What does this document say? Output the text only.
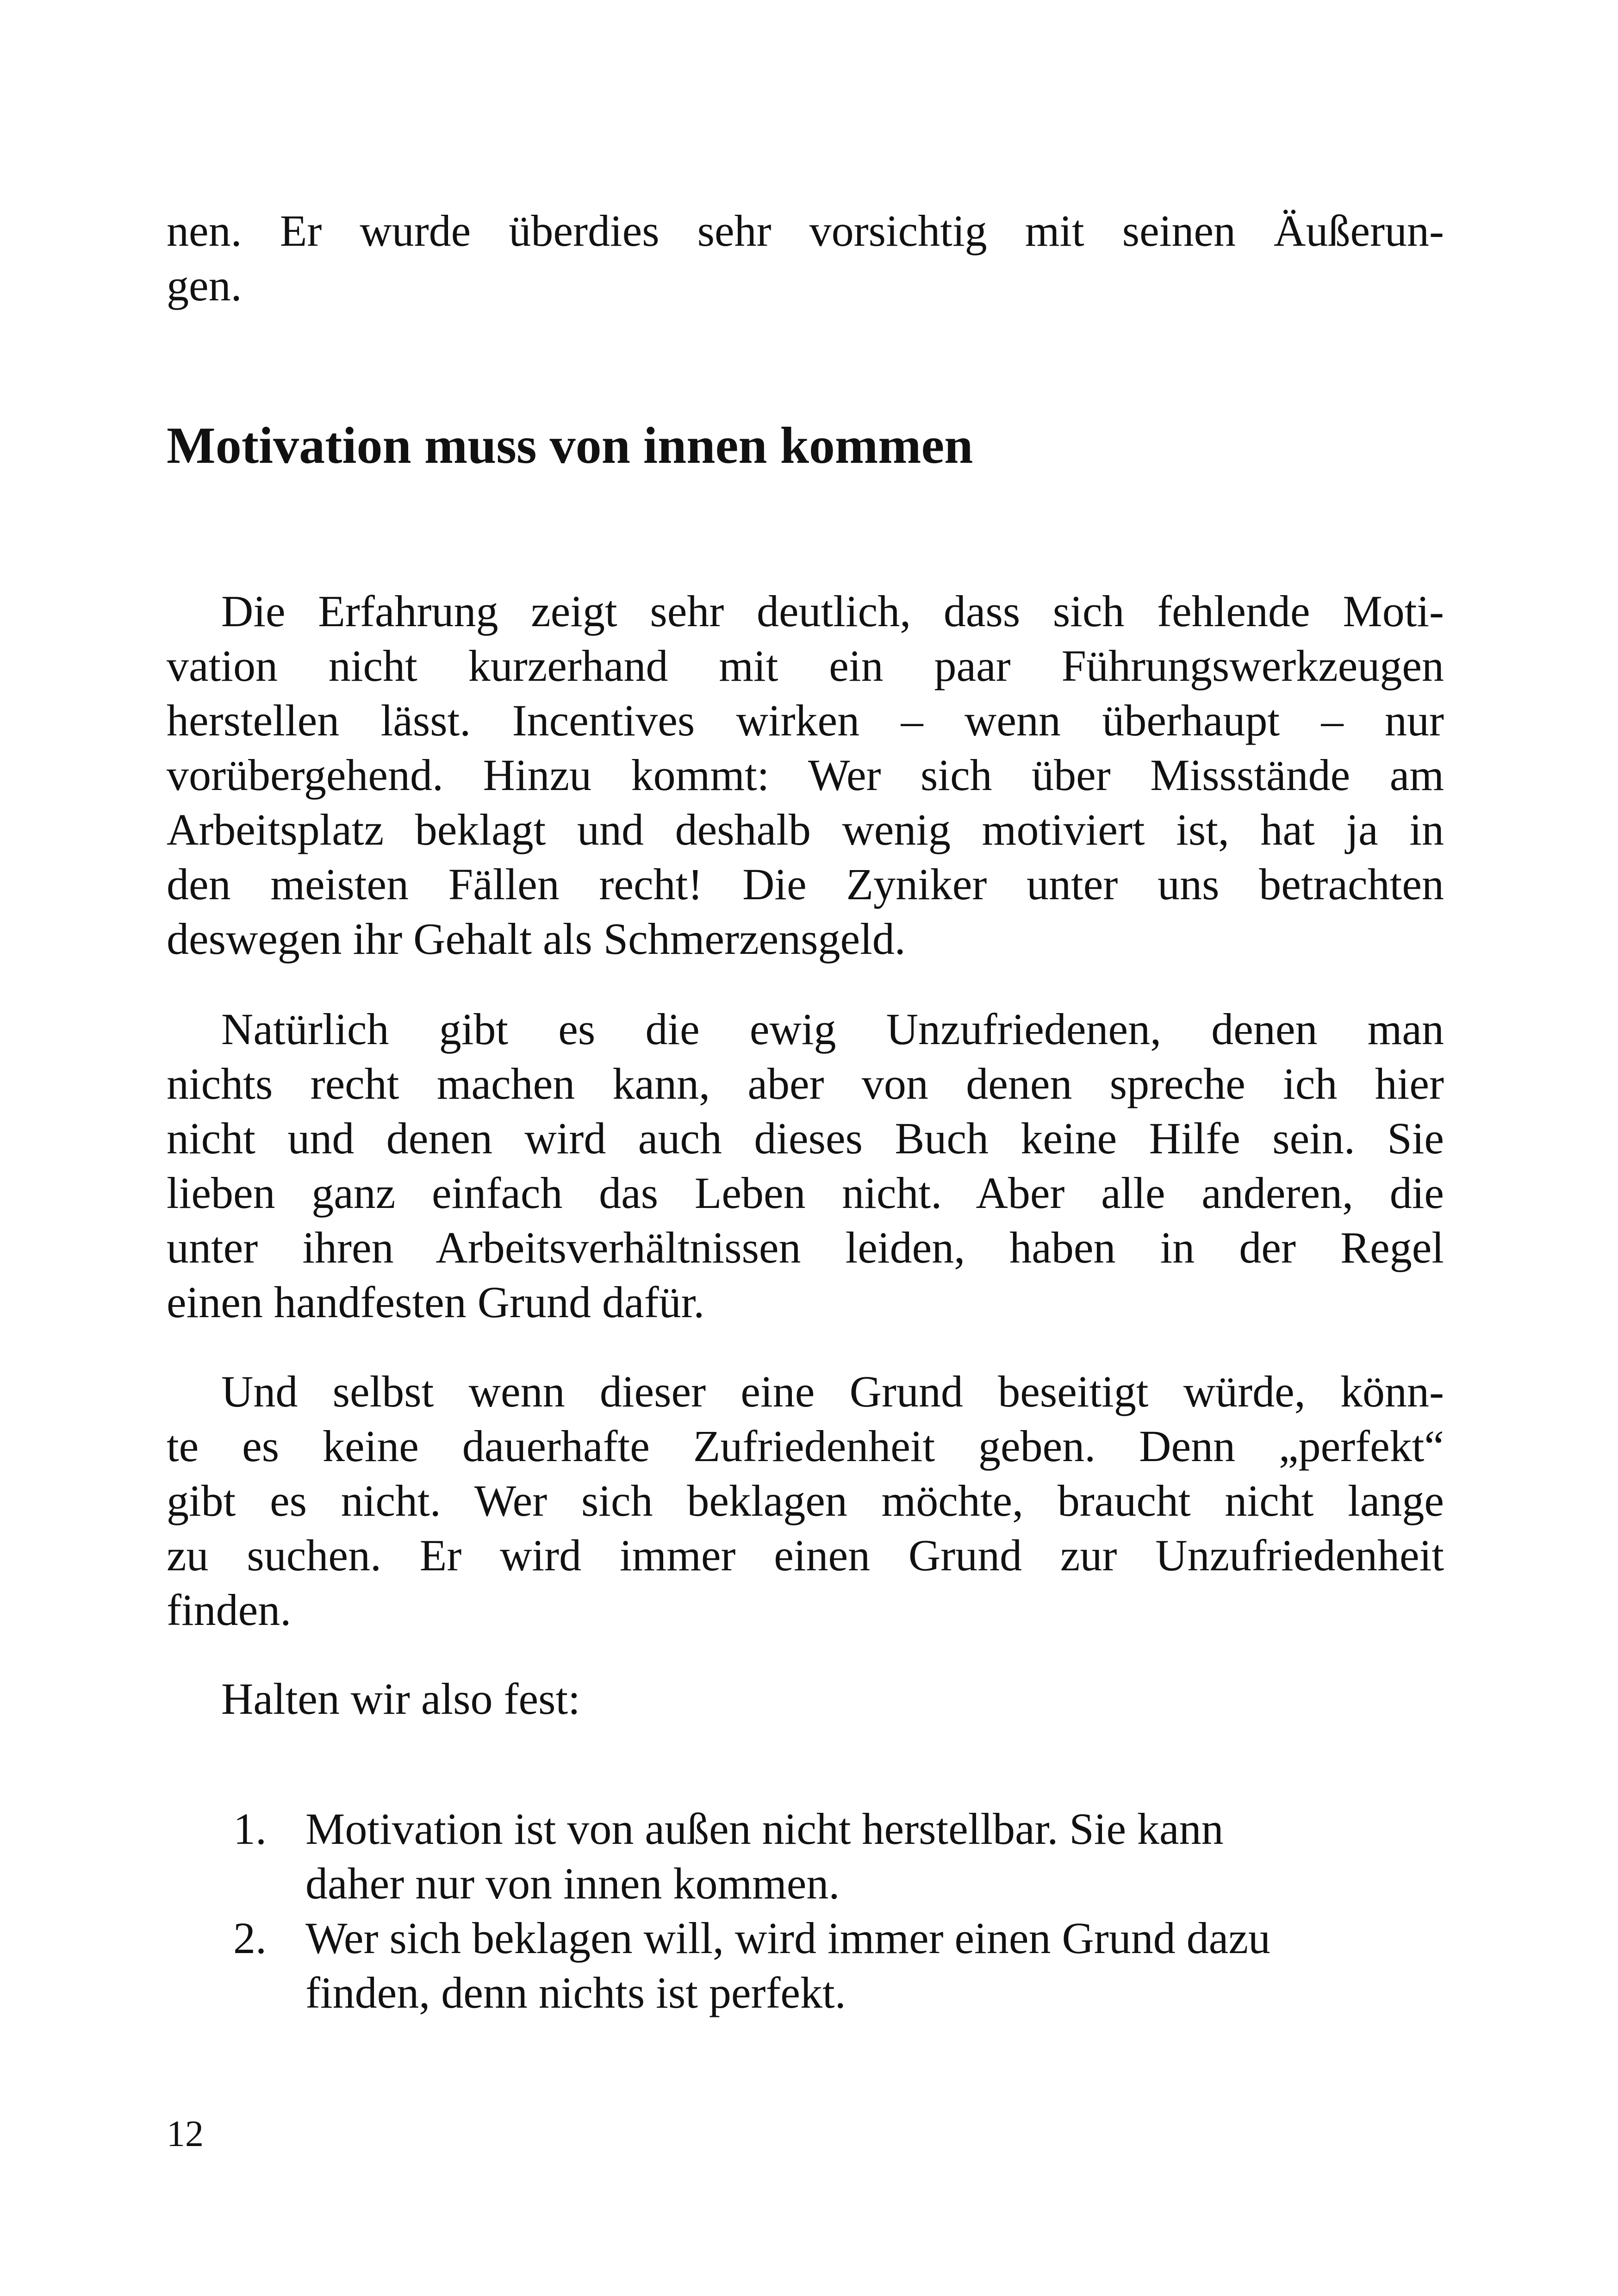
nen. Er wurde überdies sehr vorsichtig mit seinen Äußerun-
gen.
Motivation muss von innen kommen
Die Erfahrung zeigt sehr deutlich, dass sich fehlende Moti-
vation nicht kurzerhand mit ein paar Führungswerkzeugen
herstellen lässt. Incentives wirken – wenn überhaupt – nur
vorübergehend. Hinzu kommt: Wer sich über Missstände am
Arbeitsplatz beklagt und deshalb wenig motiviert ist, hat ja in
den meisten Fällen recht! Die Zyniker unter uns betrachten
deswegen ihr Gehalt als Schmerzensgeld.
Natürlich gibt es die ewig Unzufriedenen, denen man
nichts recht machen kann, aber von denen spreche ich hier
nicht und denen wird auch dieses Buch keine Hilfe sein. Sie
lieben ganz einfach das Leben nicht. Aber alle anderen, die
unter ihren Arbeitsverhältnissen leiden, haben in der Regel
einen handfesten Grund dafür.
Und selbst wenn dieser eine Grund beseitigt würde, könn-
te es keine dauerhafte Zufriedenheit geben. Denn „perfekt“
gibt es nicht. Wer sich beklagen möchte, braucht nicht lange
zu suchen. Er wird immer einen Grund zur Unzufriedenheit
finden.
Halten wir also fest:
1. Motivation ist von außen nicht herstellbar. Sie kann
daher nur von innen kommen.
2. Wer sich beklagen will, wird immer einen Grund dazu
finden, denn nichts ist perfekt.
12
